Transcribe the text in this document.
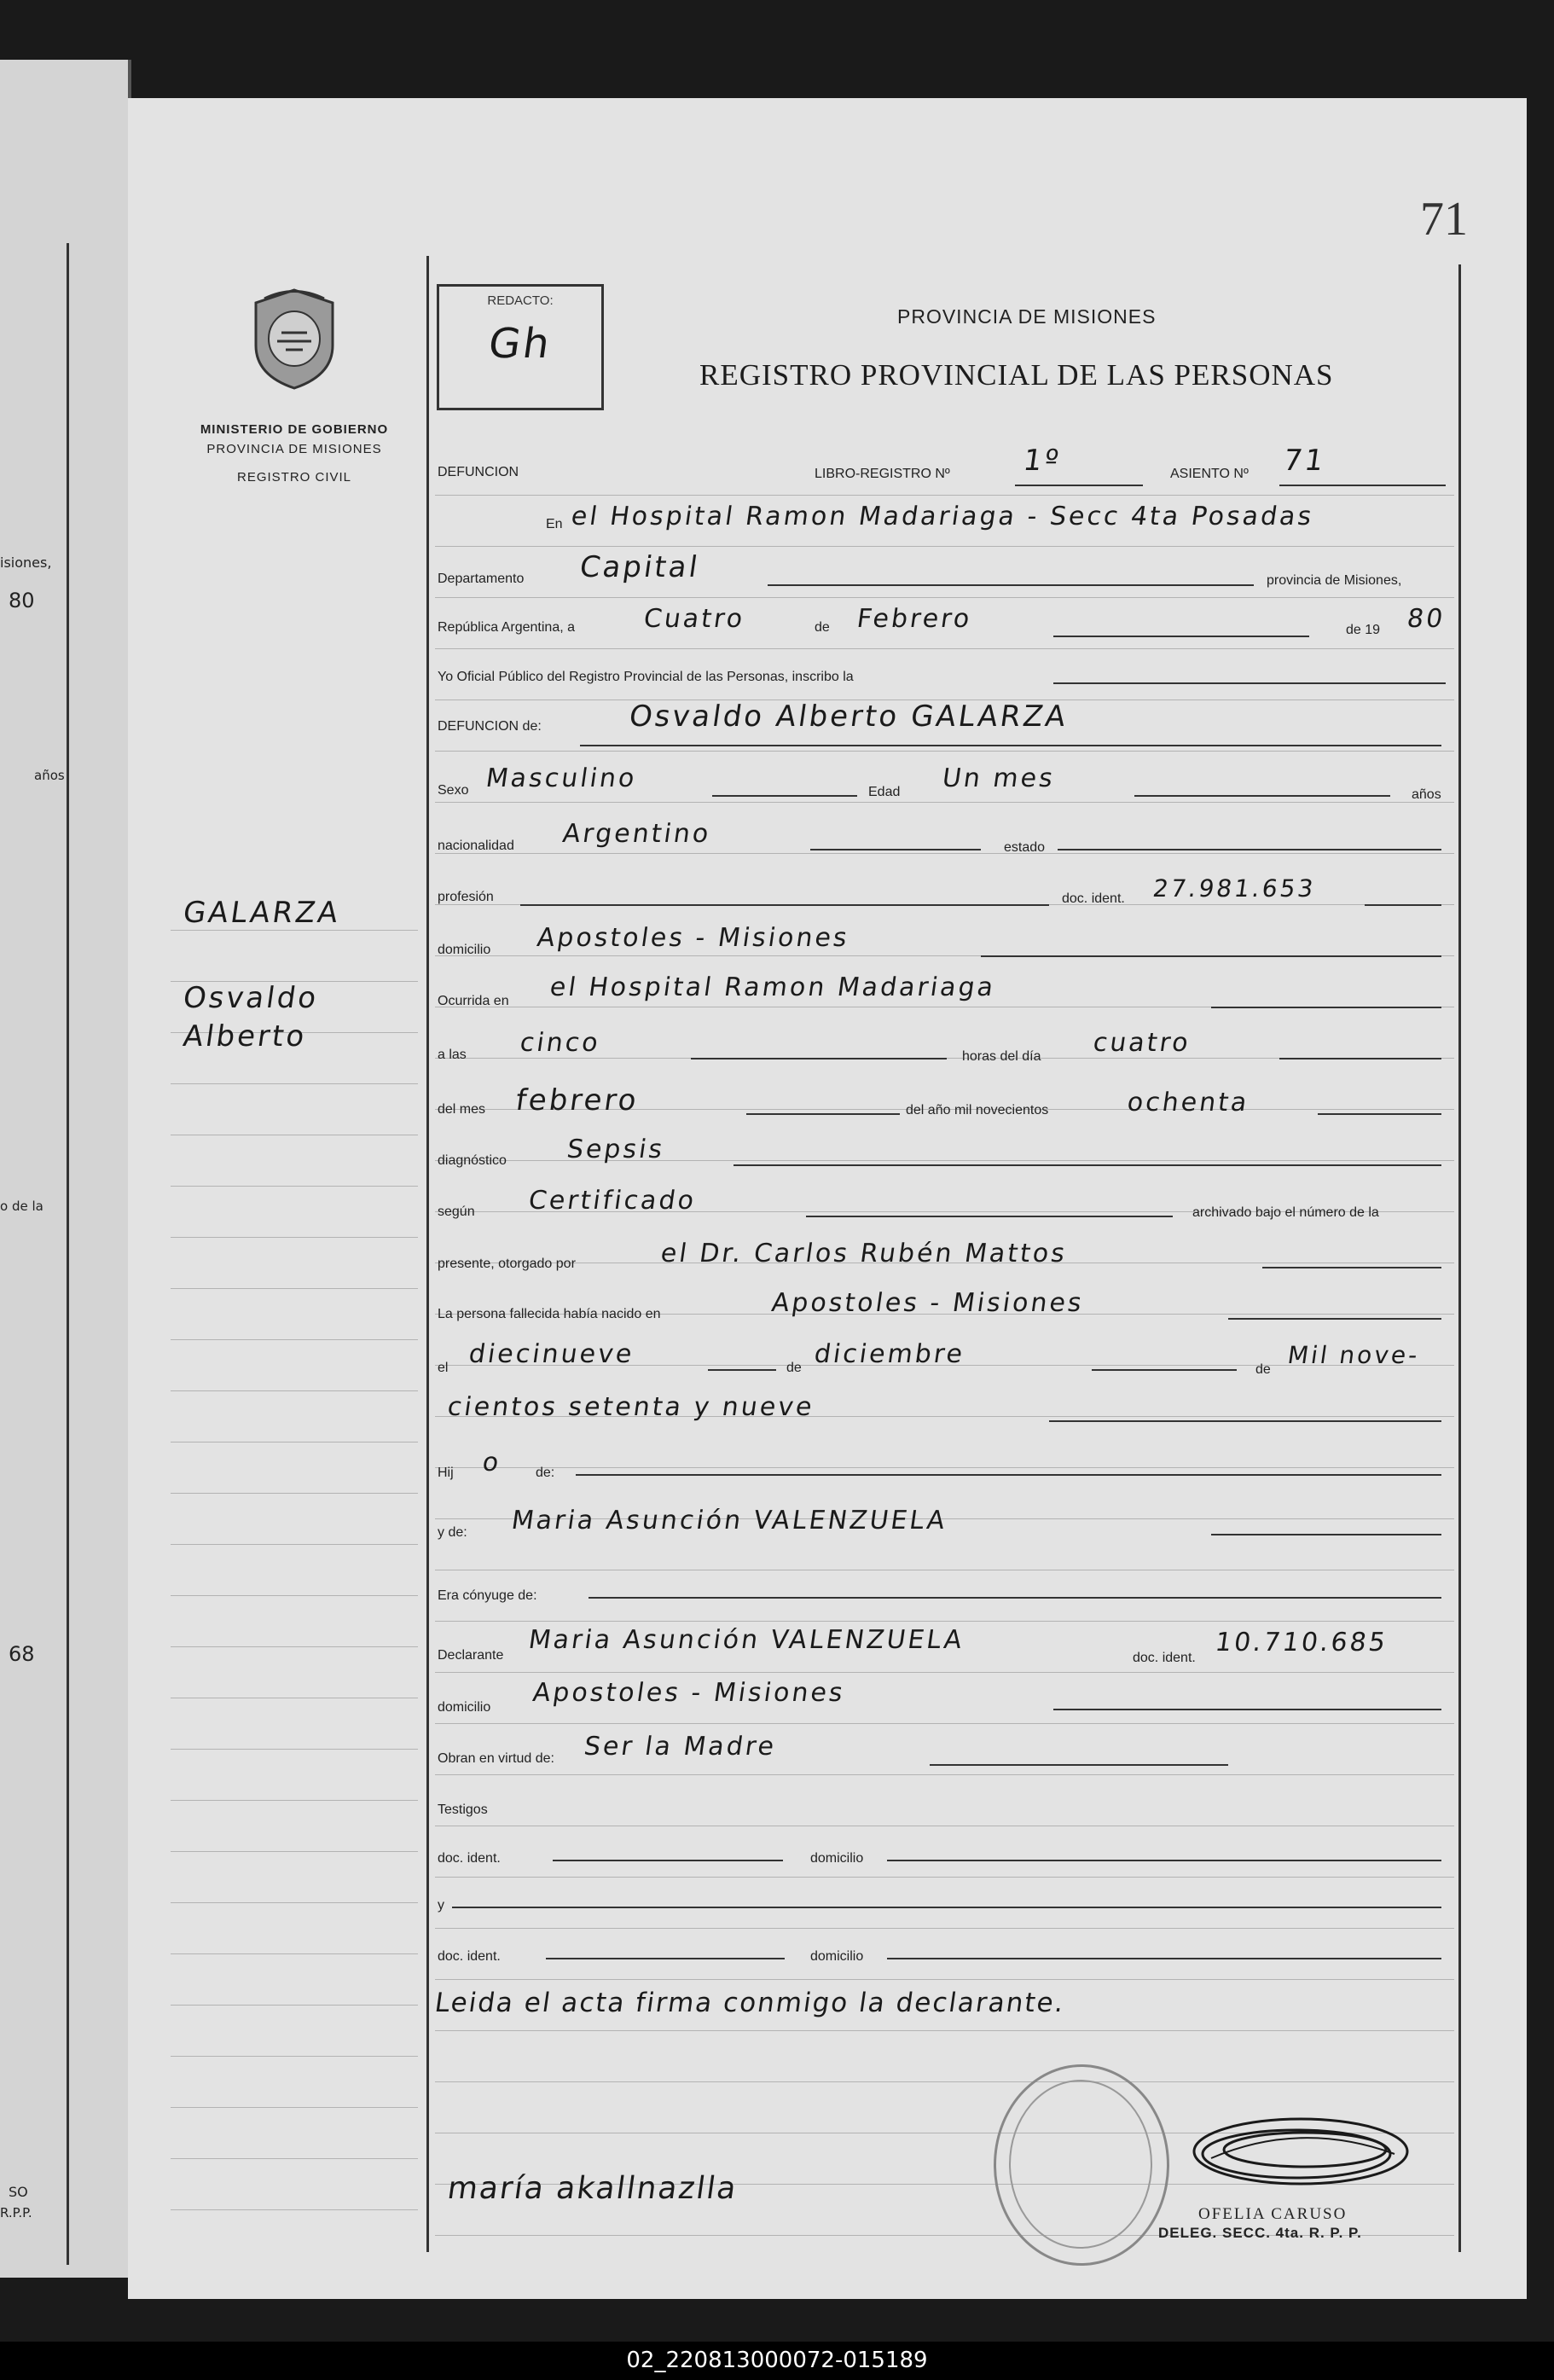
isiones,
80
años
o de la
68
SO
R.P.P.
71
MINISTERIO DE GOBIERNO
PROVINCIA DE MISIONES
REGISTRO CIVIL
GALARZA
Osvaldo
Alberto
REDACTO:
Gh
PROVINCIA DE MISIONES
REGISTRO PROVINCIAL DE LAS PERSONAS
DEFUNCION	LIBRO-REGISTRO Nº 1º	ASIENTO Nº 71
En el Hospital Ramon Madariaga - Secc 4ta Posadas
Departamento Capital	provincia de Misiones,
República Argentina, a	Cuatro	de Febrero	de 19 80
Yo Oficial Público del Registro Provincial de las Personas, inscribo la
DEFUNCION de:	Osvaldo Alberto GALARZA
Sexo Masculino	Edad Un mes
años
nacionalidad Argentino	estado
profesión	doc. ident. 27.981.653
domicilio Apostoles - Misiones
Ocurrida en el Hospital Ramon Madariaga
a las cinco	horas del día cuatro
del mes febrero	del año mil novecientos	ochenta
diagnóstico Sepsis
según Certificado	archivado bajo el número de la
presente, otorgado por	el Dr. Carlos Rubén Mattos
La persona fallecida había nacido en	Apostoles - Misiones
el diecinueve	de diciembre
de
Mil nove-
cientos setenta y nueve
Hij o de:
y de: Maria Asunción VALENZUELA
Era cónyuge de:
Declarante
Maria Asunción VALENZUELA
doc. ident.
10.710.685
domicilio Apostoles - Misiones
Obran en virtud de: Ser la Madre
Testigos
doc. ident.	domicilio
y
doc. ident.	domicilio
Leida el acta firma conmigo la declarante.
maría akallnazlla
OFELIA CARUSO
DELEG. SECC. 4ta. R. P. P.
02_220813000072-015189
